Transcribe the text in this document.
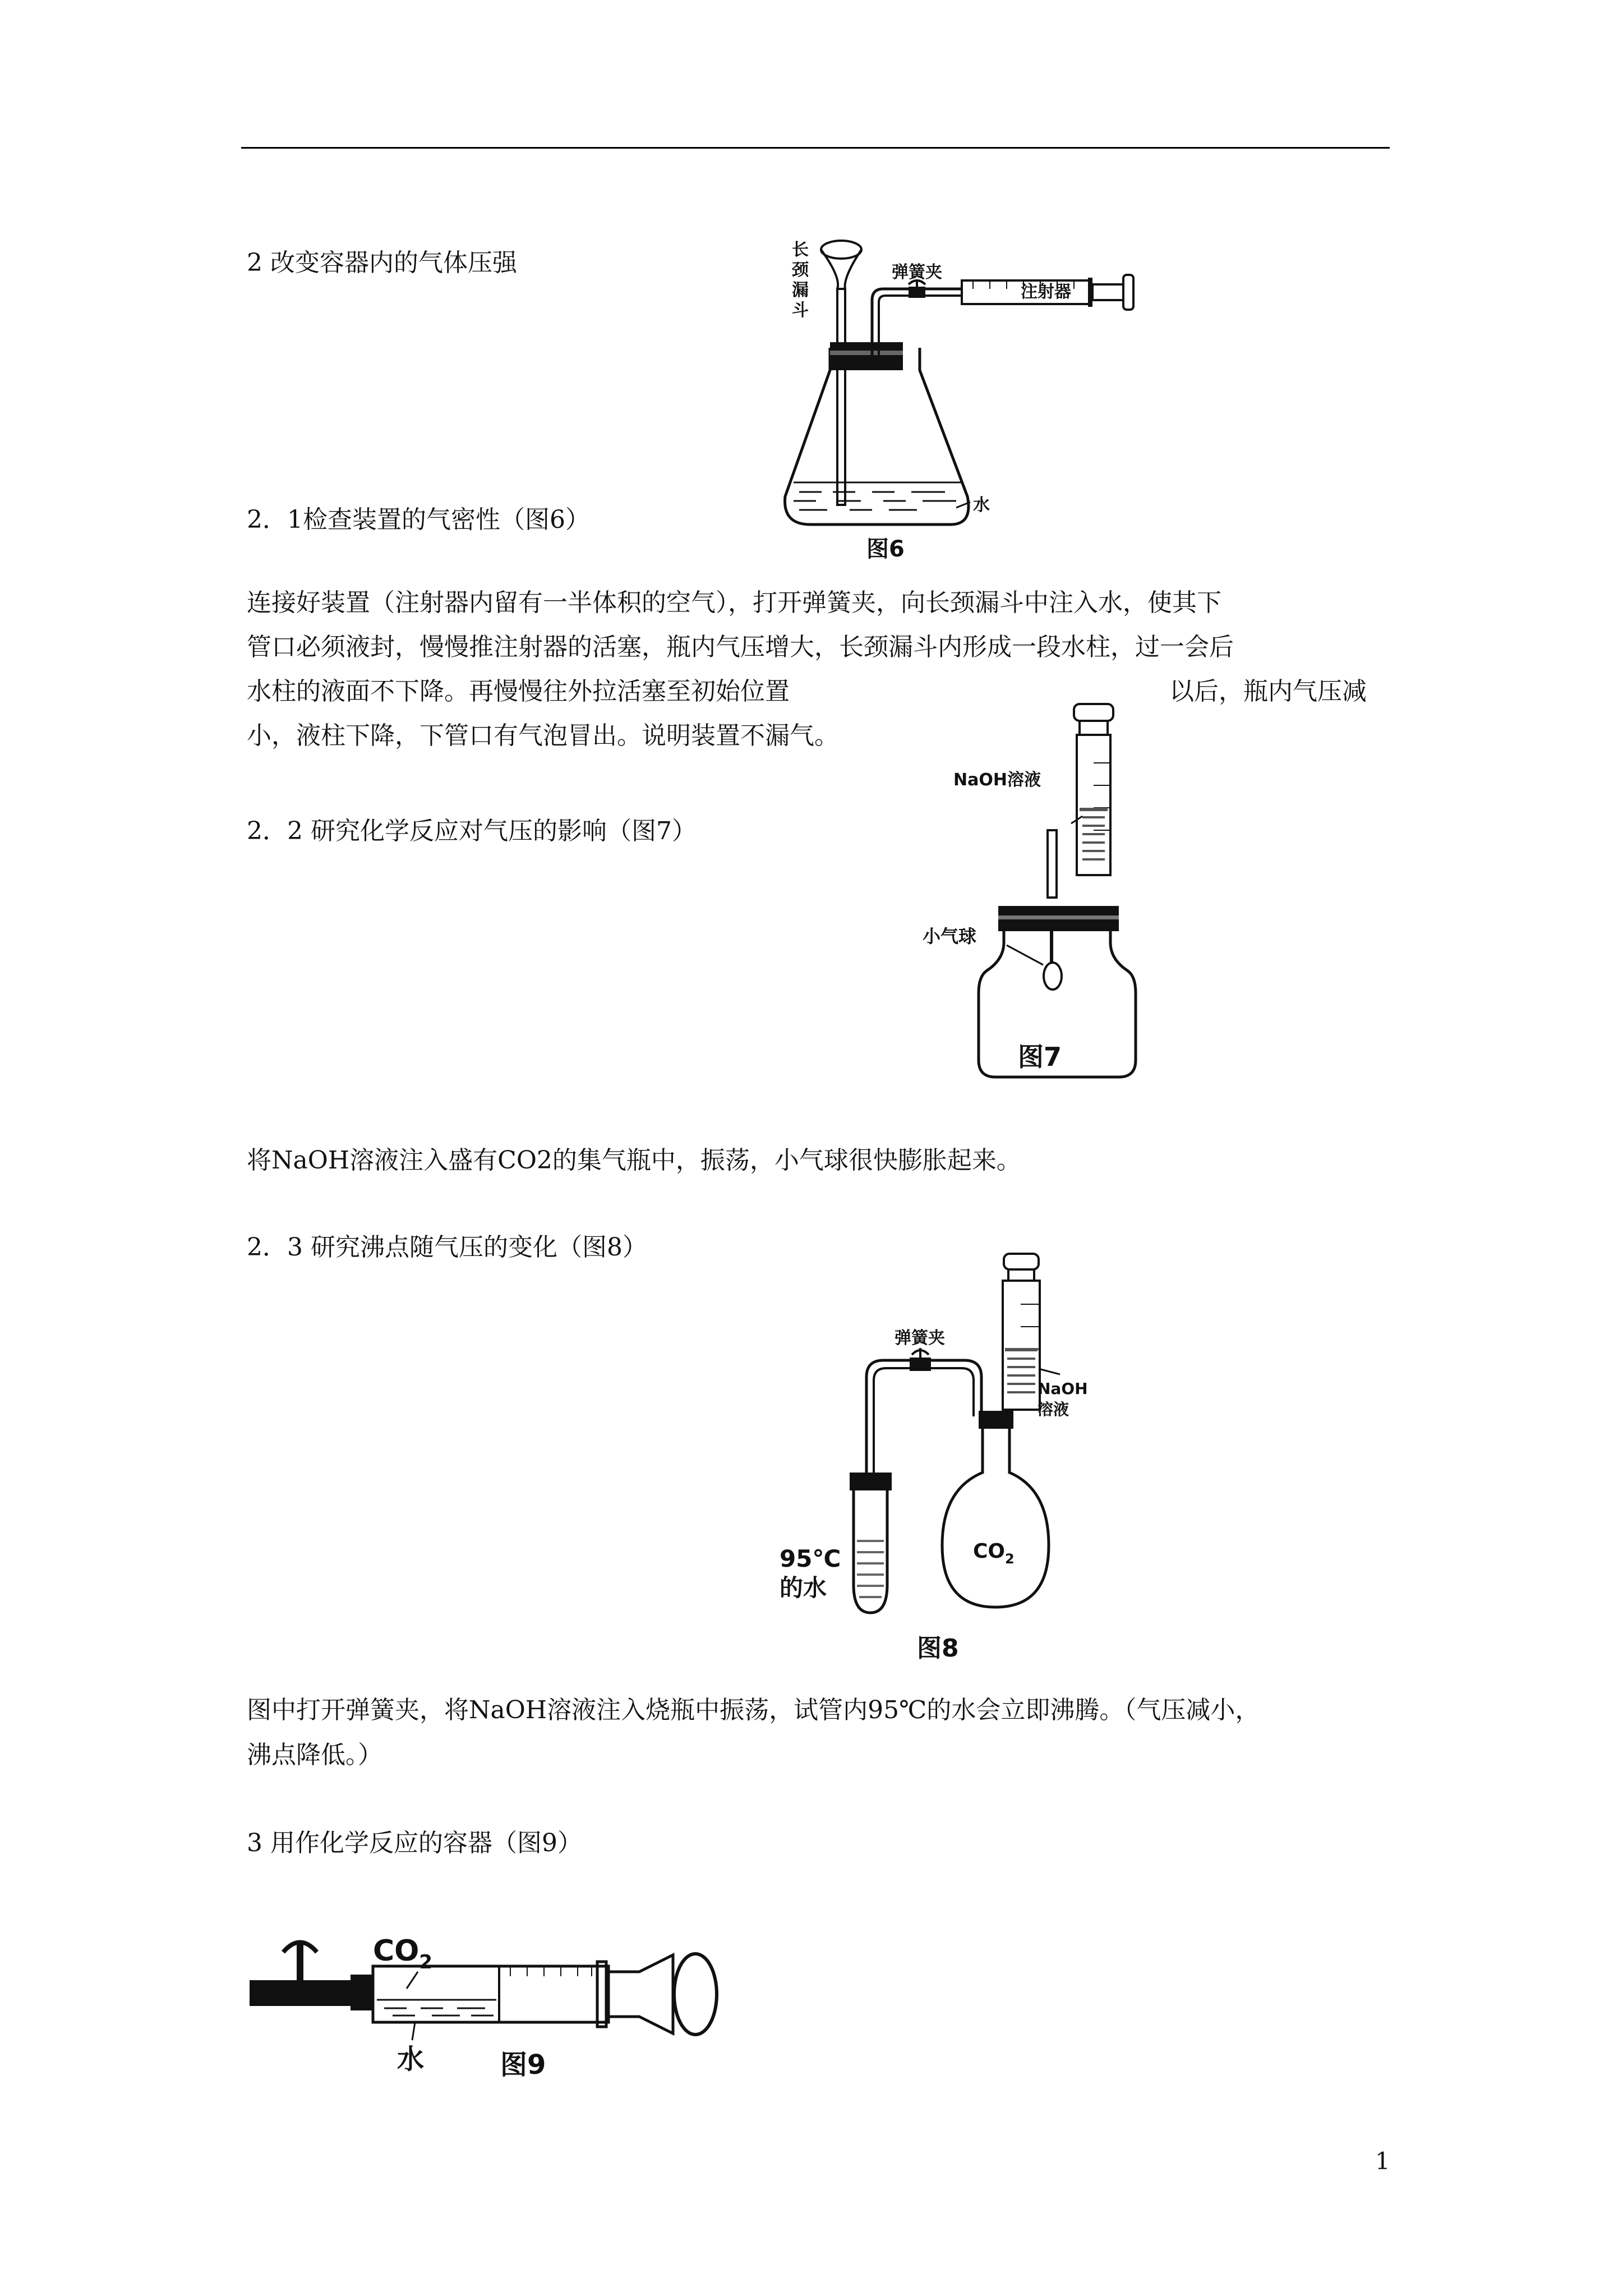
2 改变容器内的气体压强	长
颈
漏
斗
弹簧夹
注射器
水
图6
2．1检查装置的气密性（图6）
连接好装置（注射器内留有一半体积的空气），打开弹簧夹，向长颈漏斗中注入水，使其下
管口必须液封，慢慢推注射器的活塞，瓶内气压增大，长颈漏斗内形成一段水柱，过一会后
水柱的液面不下降。再慢慢往外拉活塞至初始位置	以后，瓶内气压减
小，液柱下降，下管口有气泡冒出。说明装置不漏气。
NaOH溶液
小气球
图7
2．2 研究化学反应对气压的影响（图7）
将NaOH溶液注入盛有CO2的集气瓶中，振荡，小气球很快膨胀起来。
2．3 研究沸点随气压的变化（图8）
弹簧夹
NaOH
溶液
95℃
的水
$CO_2$
图8
图中打开弹簧夹，将NaOH溶液注入烧瓶中振荡，试管内95℃的水会立即沸腾。（气压减小，
沸点降低。）
3 用作化学反应的容器（图9）
$CO_2$
水	图9
1
